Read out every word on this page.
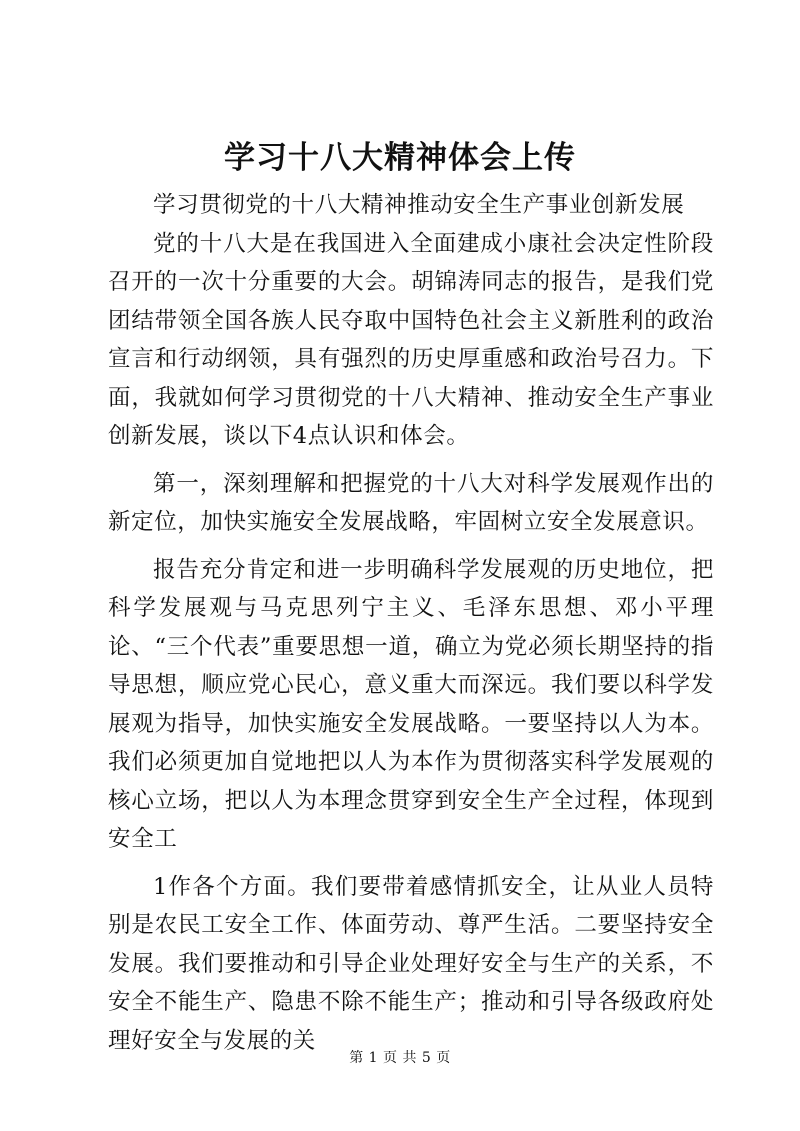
学习十八大精神体会上传

学习贯彻党的十八大精神推动安全生产事业创新发展

党的十八大是在我国进入全面建成小康社会决定性阶段召开的一次十分重要的大会。胡锦涛同志的报告，是我们党团结带领全国各族人民夺取中国特色社会主义新胜利的政治宣言和行动纲领，具有强烈的历史厚重感和政治号召力。下面，我就如何学习贯彻党的十八大精神、推动安全生产事业创新发展，谈以下4点认识和体会。

第一，深刻理解和把握党的十八大对科学发展观作出的新定位，加快实施安全发展战略，牢固树立安全发展意识。

报告充分肯定和进一步明确科学发展观的历史地位，把科学发展观与马克思列宁主义、毛泽东思想、邓小平理论、“三个代表”重要思想一道，确立为党必须长期坚持的指导思想，顺应党心民心，意义重大而深远。我们要以科学发展观为指导，加快实施安全发展战略。一要坚持以人为本。我们必须更加自觉地把以人为本作为贯彻落实科学发展观的核心立场，把以人为本理念贯穿到安全生产全过程，体现到安全工

1作各个方面。我们要带着感情抓安全，让从业人员特别是农民工安全工作、体面劳动、尊严生活。二要坚持安全发展。我们要推动和引导企业处理好安全与生产的关系，不安全不能生产、隐患不除不能生产；推动和引导各级政府处理好安全与发展的关

第 1 页 共 5 页
